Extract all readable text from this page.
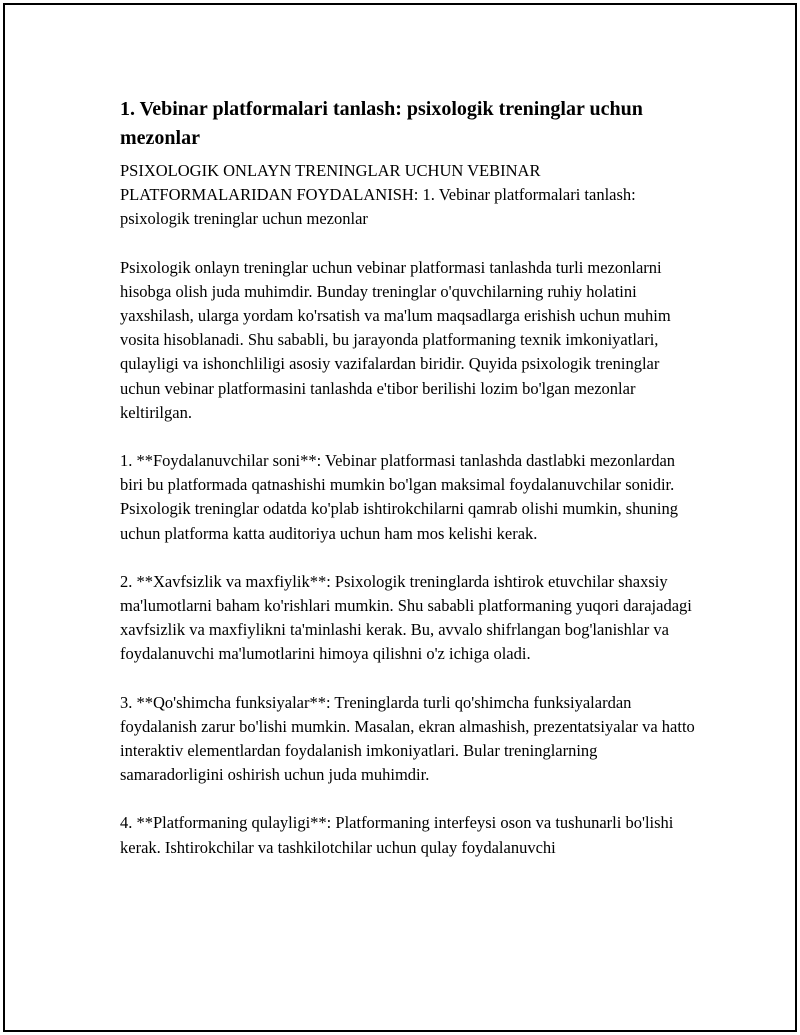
1. Vebinar platformalari tanlash: psixologik treninglar uchun mezonlar

PSIXOLOGIK ONLAYN TRENINGLAR UCHUN VEBINAR PLATFORMALARIDAN FOYDALANISH: 1. Vebinar platformalari tanlash: psixologik treninglar uchun mezonlar

Psixologik onlayn treninglar uchun vebinar platformasi tanlashda turli mezonlarni hisobga olish juda muhimdir. Bunday treninglar o'quvchilarning ruhiy holatini yaxshilash, ularga yordam ko'rsatish va ma'lum maqsadlarga erishish uchun muhim vosita hisoblanadi. Shu sababli, bu jarayonda platformaning texnik imkoniyatlari, qulayligi va ishonchliligi asosiy vazifalardan biridir. Quyida psixologik treninglar uchun vebinar platformasini tanlashda e'tibor berilishi lozim bo'lgan mezonlar keltirilgan.

1. **Foydalanuvchilar soni**: Vebinar platformasi tanlashda dastlabki mezonlardan biri bu platformada qatnashishi mumkin bo'lgan maksimal foydalanuvchilar sonidir. Psixologik treninglar odatda ko'plab ishtirokchilarni qamrab olishi mumkin, shuning uchun platforma katta auditoriya uchun ham mos kelishi kerak.

2. **Xavfsizlik va maxfiylik**: Psixologik treninglarda ishtirok etuvchilar shaxsiy ma'lumotlarni baham ko'rishlari mumkin. Shu sababli platformaning yuqori darajadagi xavfsizlik va maxfiylikni ta'minlashi kerak. Bu, avvalo shifrlangan bog'lanishlar va foydalanuvchi ma'lumotlarini himoya qilishni o'z ichiga oladi.

3. **Qo'shimcha funksiyalar**: Treninglarda turli qo'shimcha funksiyalardan foydalanish zarur bo'lishi mumkin. Masalan, ekran almashish, prezentatsiyalar va hatto interaktiv elementlardan foydalanish imkoniyatlari. Bular treninglarning samaradorligini oshirish uchun juda muhimdir.

4. **Platformaning qulayligi**: Platformaning interfeysi oson va tushunarli bo'lishi kerak. Ishtirokchilar va tashkilotchilar uchun qulay foydalanuvchi
